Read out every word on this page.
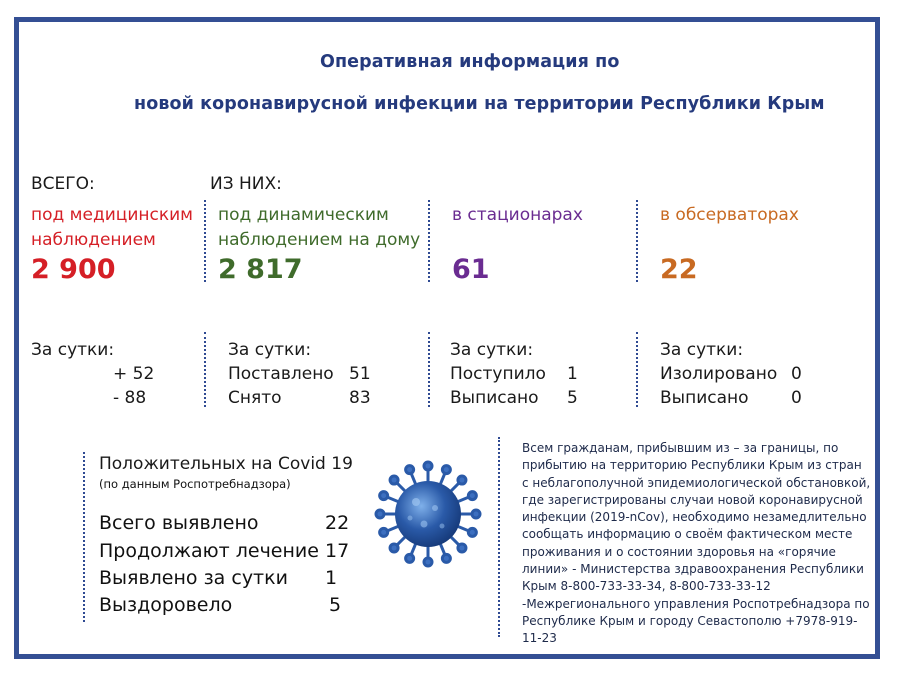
Оперативная информация по
новой коронавирусной инфекции на территории Республики Крым
ВСЕГО:	ИЗ НИХ:
под медицинским
наблюдением
2 900
под динамическим
наблюдением на дому
2 817
в стационарах
61
в обсерваторах
22
За сутки:
+ 52
- 88
За сутки:
Поставлено 51
Снято	83
За сутки:
Поступило 1
Выписано 5
За сутки:
Изолировано 0
Выписано 0
Положительных на Covid 19
(по данным Роспотребнадзора)
Всего выявлено	22
Продолжают лечение 17
Выявлено за сутки 1
Выздоровело	5
Всем гражданам, прибывшим из – за границы, по прибытию на территорию Республики Крым из стран с неблагополучной эпидемиологической обстановкой, где зарегистрированы случаи новой коронавирусной инфекции (2019-nCov), необходимо незамедлительно сообщать информацию о своём фактическом месте проживания и о состоянии здоровья на «горячие линии» - Министерства здравоохранения Республики Крым 8-800-733-33-34, 8-800-733-33-12 -Межрегионального управления Роспотребнадзора по Республике Крым и городу Севастополю +7978-919-11-23
